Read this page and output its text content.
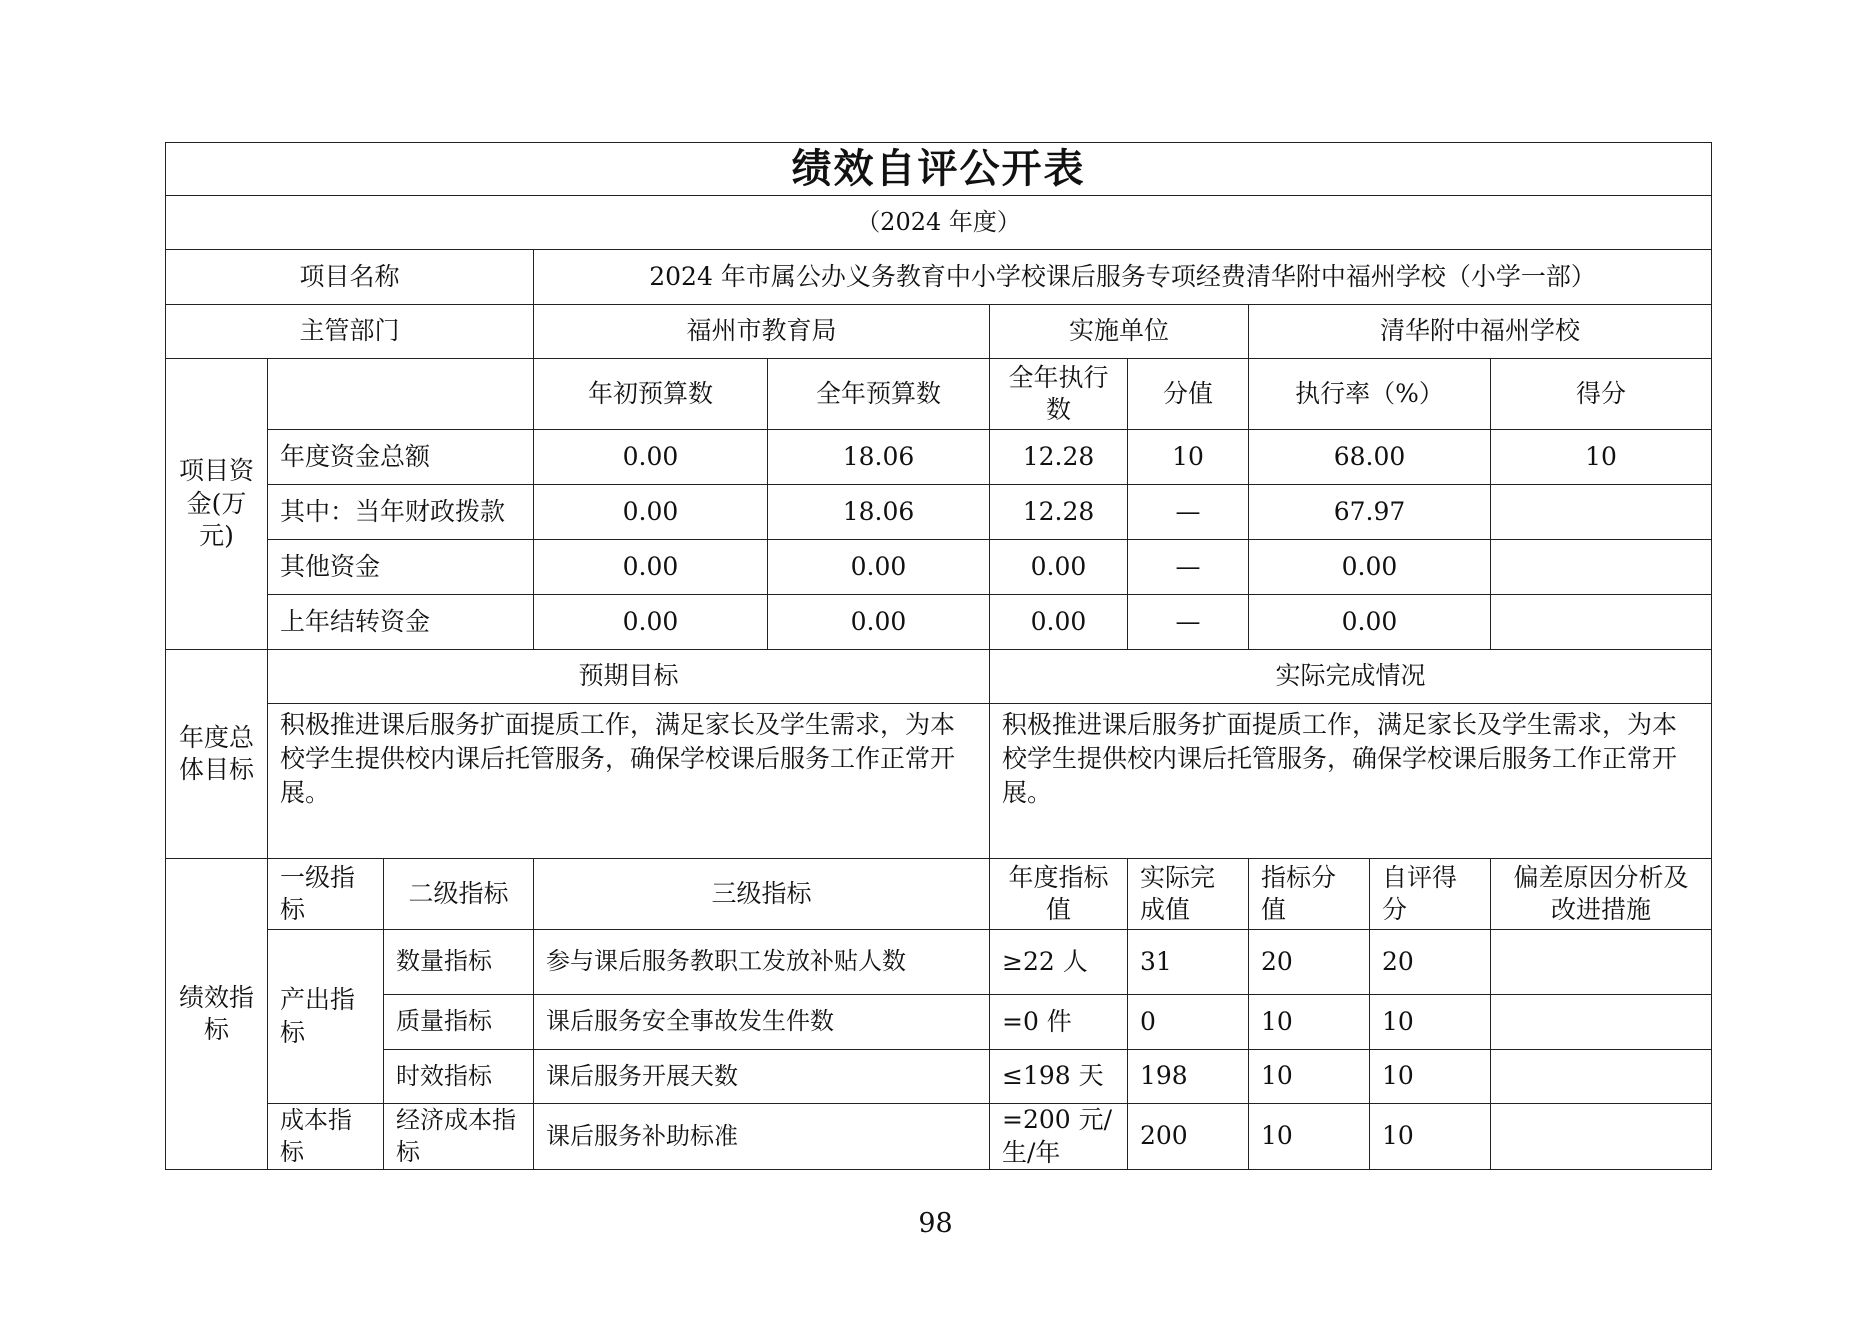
绩效自评公开表									
（2024 年度）									
项目名称			2024 年市属公办义务教育中小学校课后服务专项经费清华附中福州学校（小学一部）						
主管部门			福州市教育局		实施单位		清华附中福州学校		
项目资金(万元)			年初预算数	全年预算数	全年执行数	分值	执行率（%）		得分
	年度资金总额		0.00	18.06	12.28	10	68.00		10
	其中：当年财政拨款		0.00	18.06	12.28	—	67.97		
	其他资金		0.00	0.00	0.00	—	0.00		
	上年结转资金		0.00	0.00	0.00	—	0.00		
年度总体目标	预期目标				实际完成情况				
	积极推进课后服务扩面提质工作，满足家长及学生需求，为本校学生提供校内课后托管服务，确保学校课后服务工作正常开展。				积极推进课后服务扩面提质工作，满足家长及学生需求，为本校学生提供校内课后托管服务，确保学校课后服务工作正常开展。				
绩效指标	一级指标	二级指标	三级指标		年度指标值	实际完成值	指标分值	自评得分	偏差原因分析及改进措施
	产出指标	数量指标	参与课后服务教职工发放补贴人数		≥22 人	31	20	20	
		质量指标	课后服务安全事故发生件数		=0 件	0	10	10	
		时效指标	课后服务开展天数		≤198 天	198	10	10	
	成本指标	经济成本指标	课后服务补助标准		=200 元/生/年	200	10	10	
98
